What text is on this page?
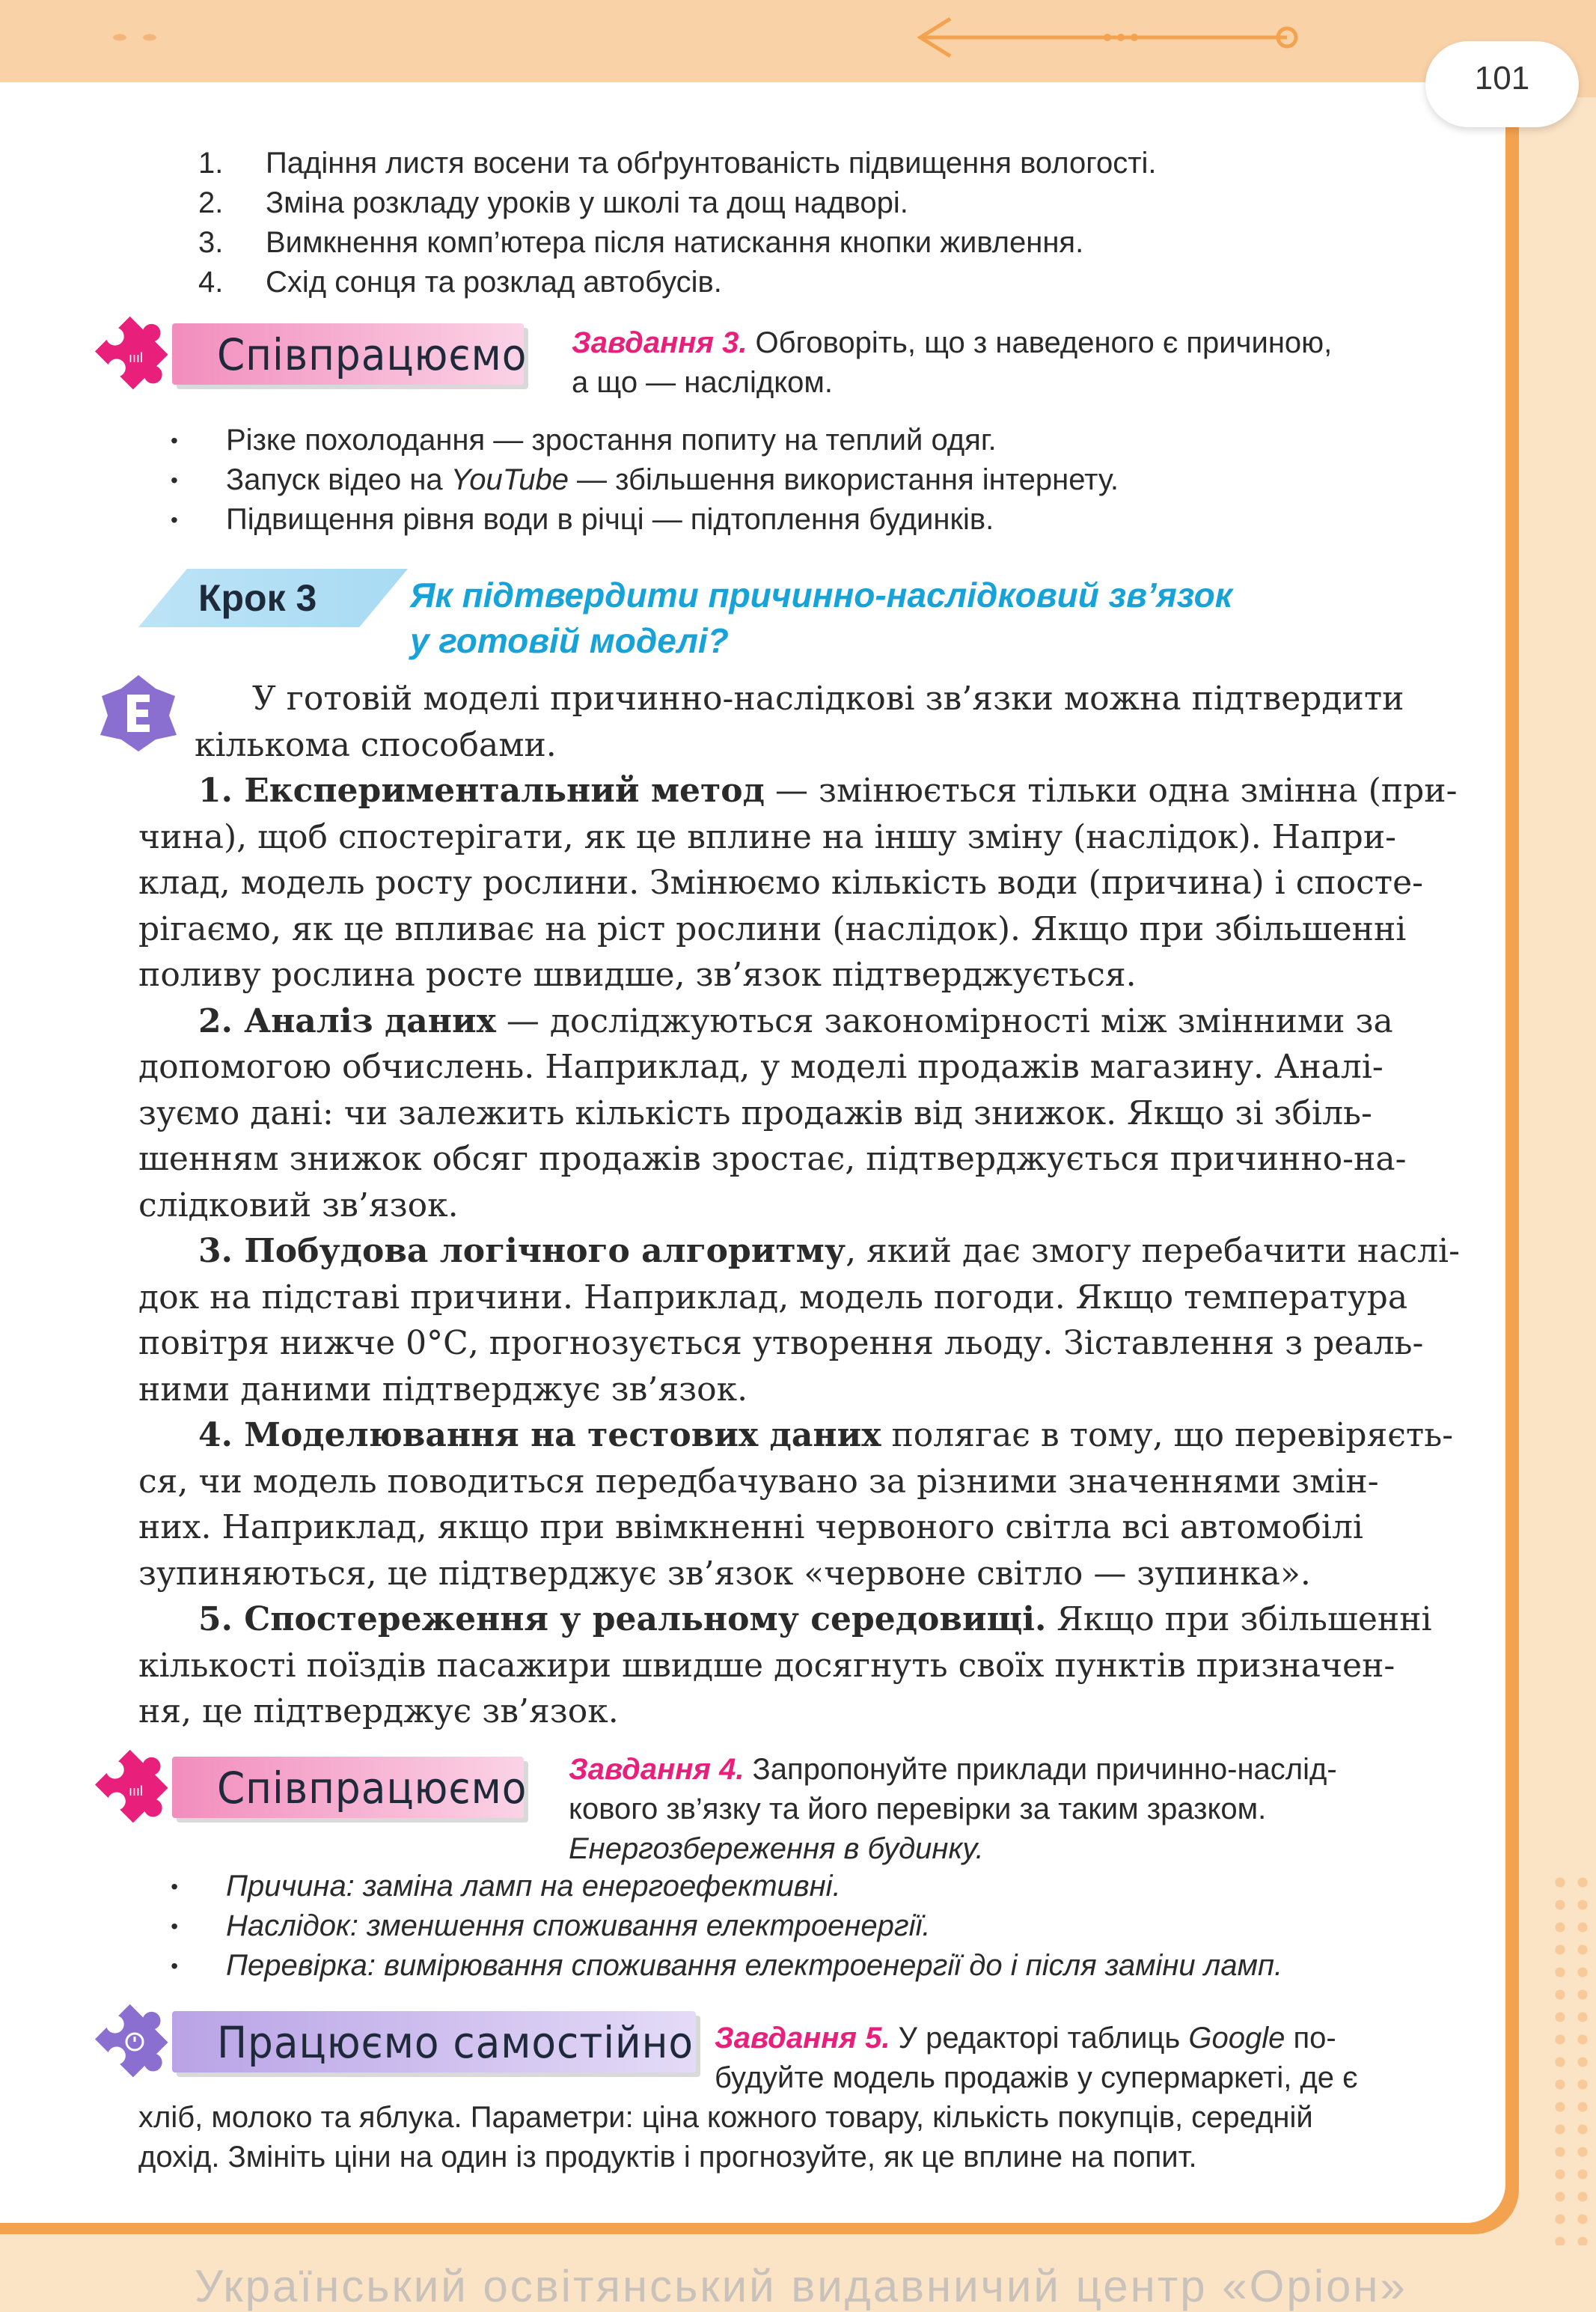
101
1. Падіння листя восени та обґрунтованість підвищення вологості.
2. Зміна розкладу уроків у школі та дощ надворі.
3. Вимкнення комп’ютера після натискання кнопки живлення.
4. Схід сонця та розклад автобусів.
ıııl Співпрацюємо Завдання 3. Обговоріть, що з наведеного є причиною,
а що — наслідком.
• Різке похолодання — зростання попиту на теплий одяг.
• Запуск відео на YouTube — збільшення використання інтернету.
• Підвищення рівня води в річці — підтоплення будинків.
Крок 3	Як підтвердити причинно-наслідковий зв’язок
у готовій моделі?
E
У готовій моделі причинно-наслідкові зв’язки можна підтвердити
кількома способами.
1. Експериментальний метод — змінюється тільки одна змінна (при-
чина), щоб спостерігати, як це вплине на іншу зміну (наслідок). Напри-
клад, модель росту рослини. Змінюємо кількість води (причина) і спосте-
рігаємо, як це впливає на ріст рослини (наслідок). Якщо при збільшенні
поливу рослина росте швидше, зв’язок підтверджується.
2. Аналіз даних — досліджуються закономірності між змінними за
допомогою обчислень. Наприклад, у моделі продажів магазину. Аналі-
зуємо дані: чи залежить кількість продажів від знижок. Якщо зі збіль-
шенням знижок обсяг продажів зростає, підтверджується причинно-на-
слідковий зв’язок.
3. Побудова логічного алгоритму, який дає змогу перебачити наслі-
док на підставі причини. Наприклад, модель погоди. Якщо температура
повітря нижче 0°С, прогнозується утворення льоду. Зіставлення з реаль-
ними даними підтверджує зв’язок.
4. Моделювання на тестових даних полягає в тому, що перевіряєть-
ся, чи модель поводиться передбачувано за різними значеннями змін-
них. Наприклад, якщо при ввімкненні червоного світла всі автомобілі
зупиняються, це підтверджує зв’язок «червоне світло — зупинка».
5. Спостереження у реальному середовищі. Якщо при збільшенні
кількості поїздів пасажири швидше досягнуть своїх пунктів призначен-
ня, це підтверджує зв’язок.
ıııl Співпрацюємо Завдання 4. Запропонуйте приклади причинно-наслід-
кового зв’язку та його перевірки за таким зразком.
Енергозбереження в будинку.
• Причина: заміна ламп на енергоефективні.
• Наслідок: зменшення споживання електроенергії.
• Перевірка: вимірювання споживання електроенергії до і після заміни ламп.
Працюємо самостійно Завдання 5. У редакторі таблиць Google по-
будуйте модель продажів у супермаркеті, де є
хліб, молоко та яблука. Параметри: ціна кожного товару, кількість покупців, середній
дохід. Змініть ціни на один із продуктів і прогнозуйте, як це вплине на попит.
Український освітянський видавничий центр «Оріон»
